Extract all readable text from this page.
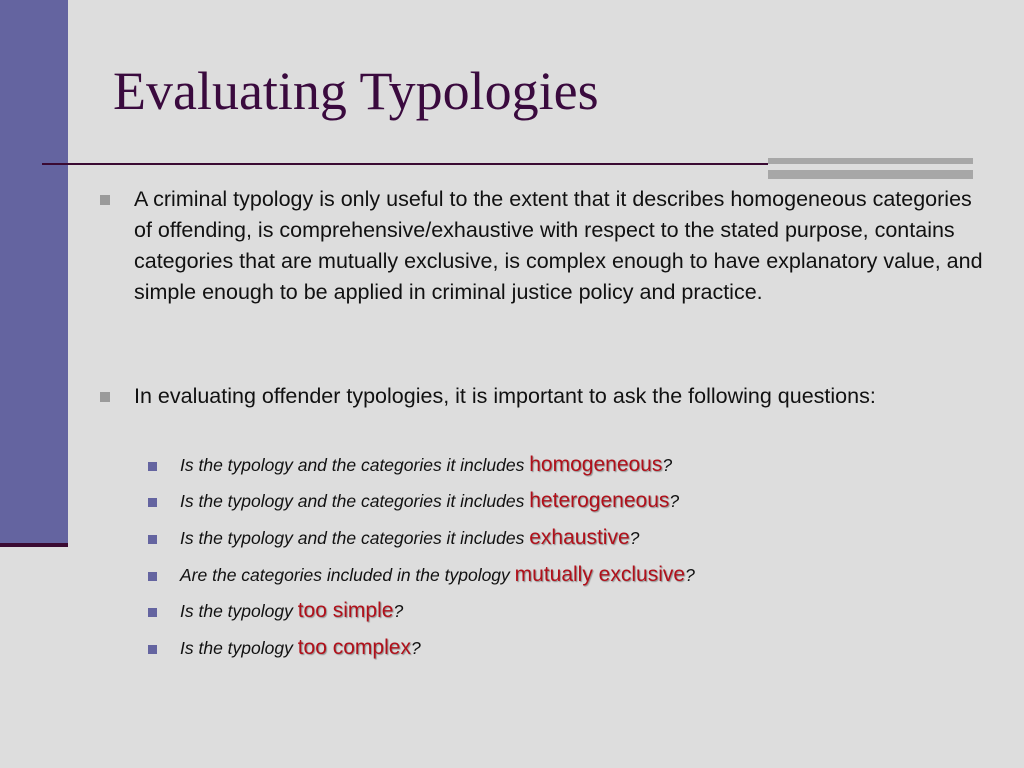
Evaluating Typologies
A criminal typology is only useful to the extent that it describes homogeneous categories of offending, is comprehensive/exhaustive with respect to the stated purpose, contains categories that are mutually exclusive, is complex enough to have explanatory value, and simple enough to be applied in criminal justice policy and practice.
In evaluating offender typologies, it is important to ask the following questions:
Is the typology and the categories it includes homogeneous?
Is the typology and the categories it includes heterogeneous?
Is the typology and the categories it includes exhaustive?
Are the categories included in the typology mutually exclusive?
Is the typology too simple?
Is the typology too complex?
